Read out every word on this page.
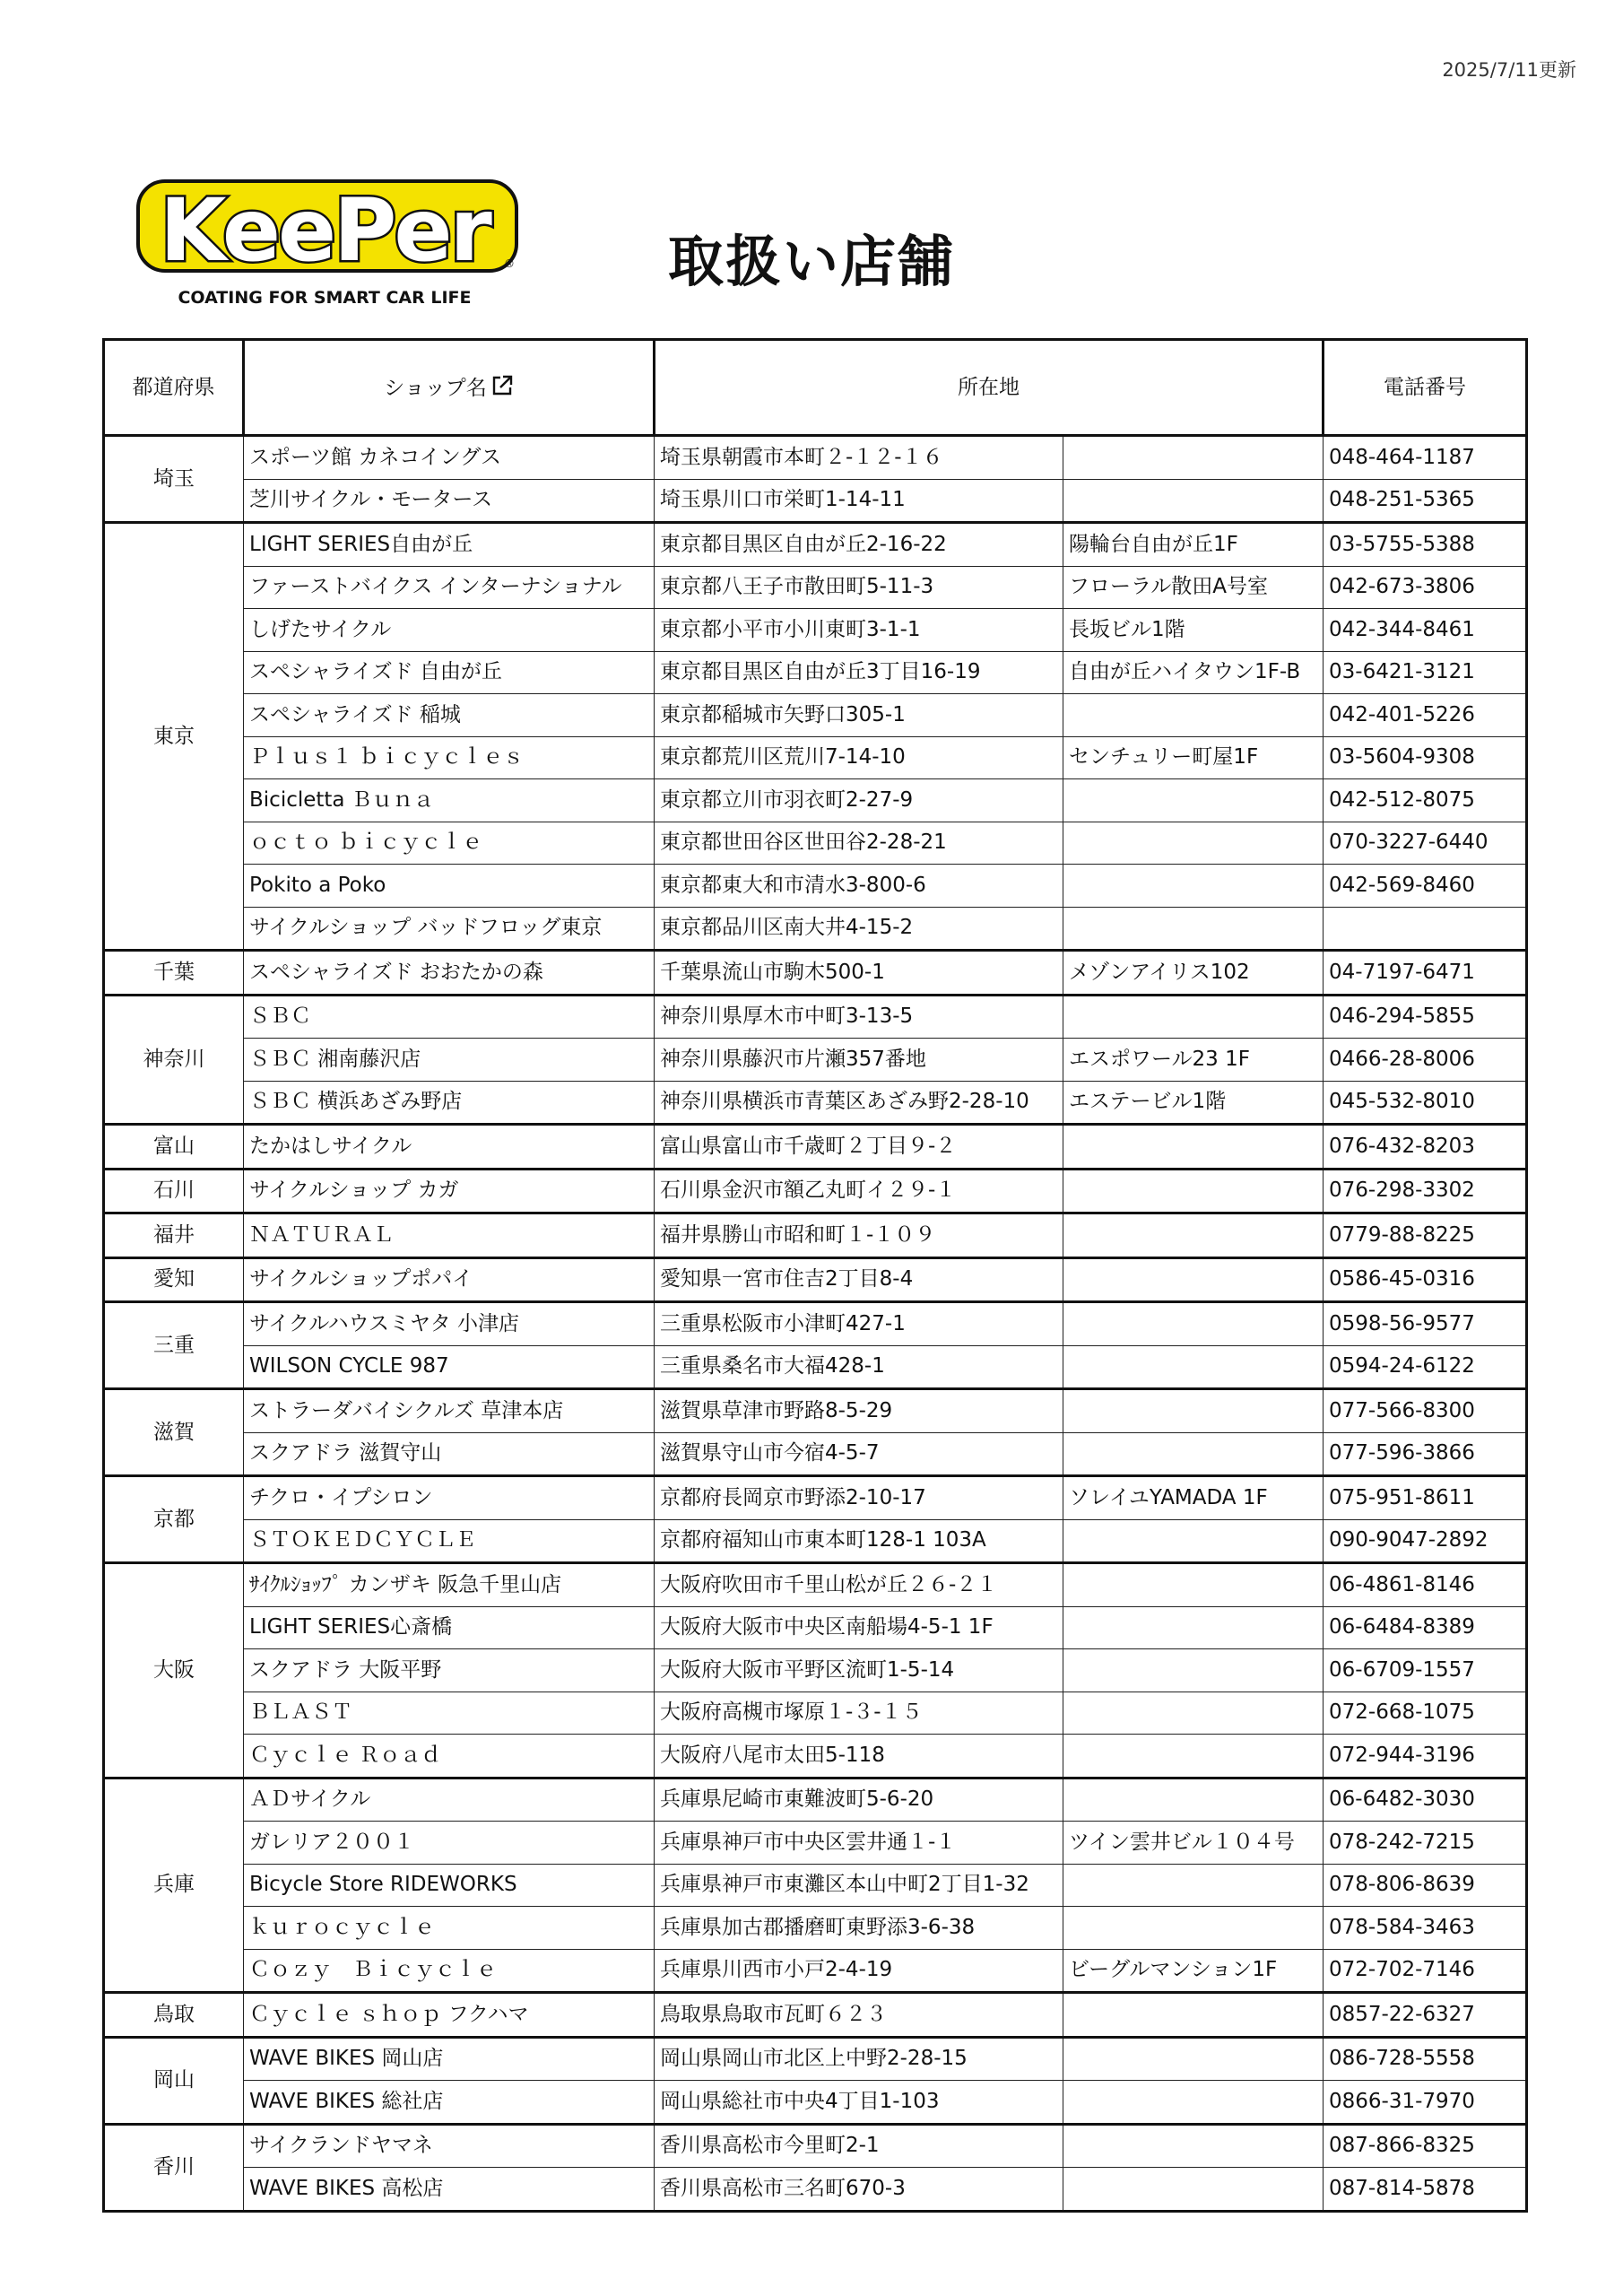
2025/7/11更新
KeePer	®
COATING FOR SMART CAR LIFE
取扱い店舗
都道府県	ショップ名	所在地		電話番号
埼玉	スポーツ館 カネコイングス	埼玉県朝霞市本町２-１２-１６		048-464-1187
	芝川サイクル・モータース	埼玉県川口市栄町1-14-11		048-251-5365
東京	LIGHT SERIES自由が丘	東京都目黒区自由が丘2-16-22	陽輪台自由が丘1F	03-5755-5388
	ファーストバイクス インターナショナル	東京都八王子市散田町5-11-3	フローラル散田A号室	042-673-3806
	しげたサイクル	東京都小平市小川東町3-1-1	長坂ビル1階	042-344-8461
	スペシャライズド 自由が丘	東京都目黒区自由が丘3丁目16-19	自由が丘ハイタウン1F-B	03-6421-3121
	スペシャライズド 稲城	東京都稲城市矢野口305-1		042-401-5226
	Ｐｌｕｓ１ ｂｉｃｙｃｌｅｓ	東京都荒川区荒川7-14-10	センチュリー町屋1F	03-5604-9308
	Bicicletta Ｂｕｎａ	東京都立川市羽衣町2-27-9		042-512-8075
	ｏｃｔｏ ｂｉｃｙｃｌｅ	東京都世田谷区世田谷2-28-21		070-3227-6440
	Pokito a Poko	東京都東大和市清水3-800-6		042-569-8460
	サイクルショップ バッドフロッグ東京	東京都品川区南大井4-15-2		
千葉	スペシャライズド おおたかの森	千葉県流山市駒木500-1	メゾンアイリス102	04-7197-6471
神奈川	ＳＢＣ	神奈川県厚木市中町3-13-5		046-294-5855
	ＳＢＣ 湘南藤沢店	神奈川県藤沢市片瀬357番地	エスポワール23 1F	0466-28-8006
	ＳＢＣ 横浜あざみ野店	神奈川県横浜市青葉区あざみ野2-28-10	エステービル1階	045-532-8010
富山	たかはしサイクル	富山県富山市千歳町２丁目９-２		076-432-8203
石川	サイクルショップ カガ	石川県金沢市額乙丸町イ２９-１		076-298-3302
福井	ＮＡＴＵＲＡＬ	福井県勝山市昭和町１-１０９		0779-88-8225
愛知	サイクルショップポパイ	愛知県一宮市住吉2丁目8-4		0586-45-0316
三重	サイクルハウスミヤタ 小津店	三重県松阪市小津町427-1		0598-56-9577
	WILSON CYCLE 987	三重県桑名市大福428-1		0594-24-6122
滋賀	ストラーダバイシクルズ 草津本店	滋賀県草津市野路8-5-29		077-566-8300
	スクアドラ 滋賀守山	滋賀県守山市今宿4-5-7		077-596-3866
京都	チクロ・イプシロン	京都府長岡京市野添2-10-17	ソレイユYAMADA 1F	075-951-8611
	ＳＴＯＫＥＤＣＹＣＬＥ	京都府福知山市東本町128-1 103A		090-9047-2892
大阪	ｻｲｸﾙｼｮｯﾌﾟ カンザキ 阪急千里山店	大阪府吹田市千里山松が丘２６-２１		06-4861-8146
	LIGHT SERIES心斎橋	大阪府大阪市中央区南船場4-5-1 1F		06-6484-8389
	スクアドラ 大阪平野	大阪府大阪市平野区流町1-5-14		06-6709-1557
	ＢＬＡＳＴ	大阪府高槻市塚原１-３-１５		072-668-1075
	Ｃｙｃｌｅ Ｒｏａｄ	大阪府八尾市太田5-118		072-944-3196
兵庫	ＡＤサイクル	兵庫県尼崎市東難波町5-6-20		06-6482-3030
	ガレリア２００１	兵庫県神戸市中央区雲井通１-１	ツイン雲井ビル１０４号	078-242-7215
	Bicycle Store RIDEWORKS	兵庫県神戸市東灘区本山中町2丁目1-32		078-806-8639
	ｋｕｒｏｃｙｃｌｅ	兵庫県加古郡播磨町東野添3-6-38		078-584-3463
	Ｃｏｚｙ　Ｂｉｃｙｃｌｅ	兵庫県川西市小戸2-4-19	ビーグルマンション1F	072-702-7146
鳥取	Ｃｙｃｌｅ ｓｈｏｐ フクハマ	鳥取県鳥取市瓦町６２３		0857-22-6327
岡山	WAVE BIKES 岡山店	岡山県岡山市北区上中野2-28-15		086-728-5558
	WAVE BIKES 総社店	岡山県総社市中央4丁目1-103		0866-31-7970
香川	サイクランドヤマネ	香川県高松市今里町2-1		087-866-8325
	WAVE BIKES 高松店	香川県高松市三名町670-3		087-814-5878
